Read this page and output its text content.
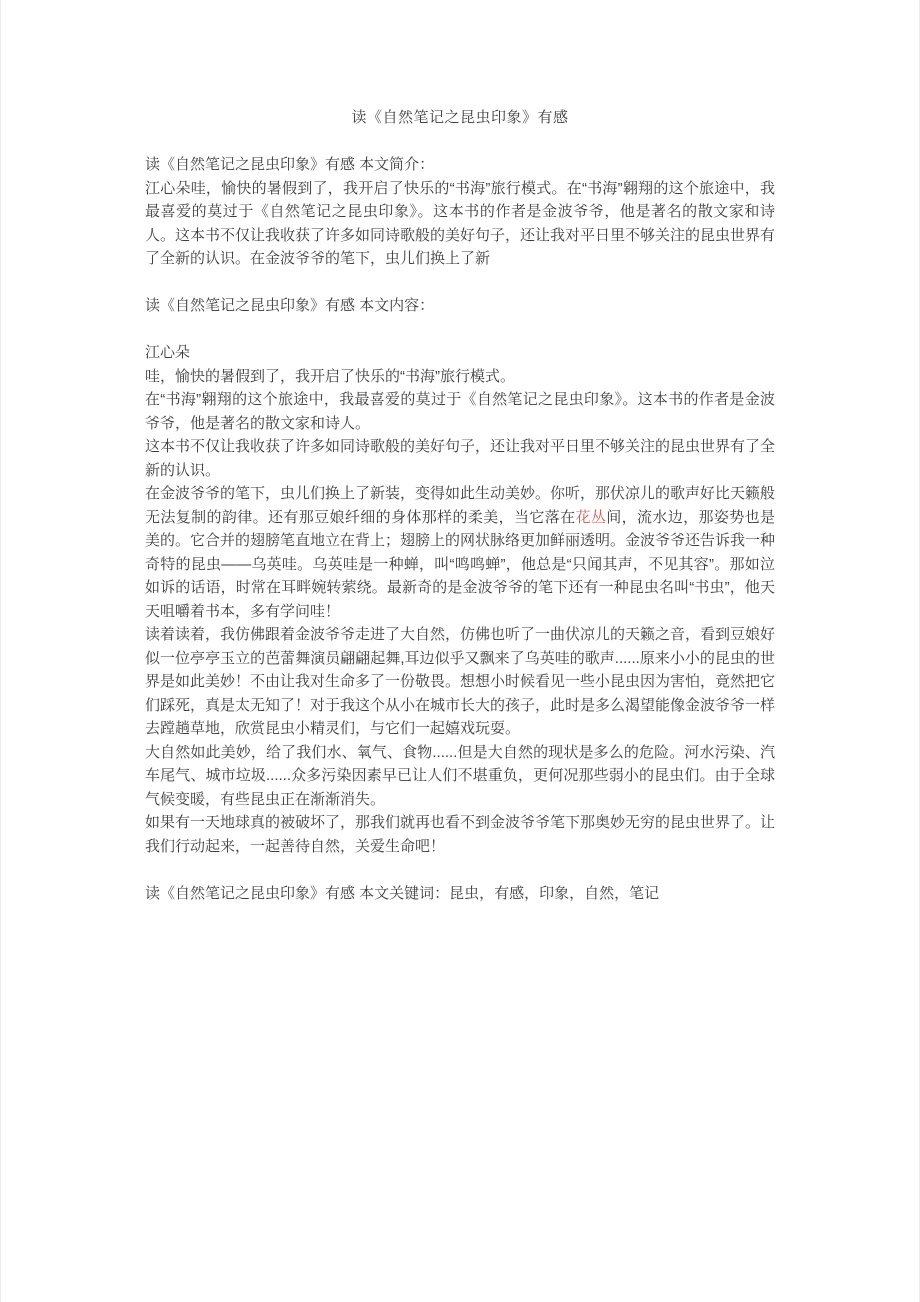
读《自然笔记之昆虫印象》有感

读《自然笔记之昆虫印象》有感 本文简介：

江心朵哇，愉快的暑假到了，我开启了快乐的“书海”旅行模式。在“书海”翱翔的这个旅途中，我最喜爱的莫过于《自然笔记之昆虫印象》。这本书的作者是金波爷爷，他是著名的散文家和诗人。这本书不仅让我收获了许多如同诗歌般的美好句子，还让我对平日里不够关注的昆虫世界有了全新的认识。在金波爷爷的笔下，虫儿们换上了新

读《自然笔记之昆虫印象》有感 本文内容：

江心朵

哇，愉快的暑假到了，我开启了快乐的“书海”旅行模式。

在“书海”翱翔的这个旅途中，我最喜爱的莫过于《自然笔记之昆虫印象》。这本书的作者是金波爷爷，他是著名的散文家和诗人。

这本书不仅让我收获了许多如同诗歌般的美好句子，还让我对平日里不够关注的昆虫世界有了全新的认识。

在金波爷爷的笔下，虫儿们换上了新装，变得如此生动美妙。你听，那伏凉儿的歌声好比天籁般无法复制的韵律。还有那豆娘纤细的身体那样的柔美，当它落在花丛间，流水边，那姿势也是美的。它合并的翅膀笔直地立在背上；翅膀上的网状脉络更加鲜丽透明。金波爷爷还告诉我一种奇特的昆虫——乌英哇。乌英哇是一种蝉，叫“鸣鸣蝉”，他总是“只闻其声，不见其容”。那如泣如诉的话语，时常在耳畔婉转萦绕。最新奇的是金波爷爷的笔下还有一种昆虫名叫“书虫”，他天天咀嚼着书本，多有学问哇！

读着读着，我仿佛跟着金波爷爷走进了大自然，仿佛也听了一曲伏凉儿的天籁之音，看到豆娘好似一位亭亭玉立的芭蕾舞演员翩翩起舞,耳边似乎又飘来了乌英哇的歌声......原来小小的昆虫的世界是如此美妙！不由让我对生命多了一份敬畏。想想小时候看见一些小昆虫因为害怕，竟然把它们踩死，真是太无知了！对于我这个从小在城市长大的孩子，此时是多么渴望能像金波爷爷一样去蹚趟草地，欣赏昆虫小精灵们，与它们一起嬉戏玩耍。

大自然如此美妙，给了我们水、氧气、食物......但是大自然的现状是多么的危险。河水污染、汽车尾气、城市垃圾......众多污染因素早已让人们不堪重负，更何况那些弱小的昆虫们。由于全球气候变暖，有些昆虫正在渐渐消失。

如果有一天地球真的被破坏了，那我们就再也看不到金波爷爷笔下那奥妙无穷的昆虫世界了。让我们行动起来，一起善待自然，关爱生命吧！

读《自然笔记之昆虫印象》有感 本文关键词：昆虫，有感，印象，自然，笔记
